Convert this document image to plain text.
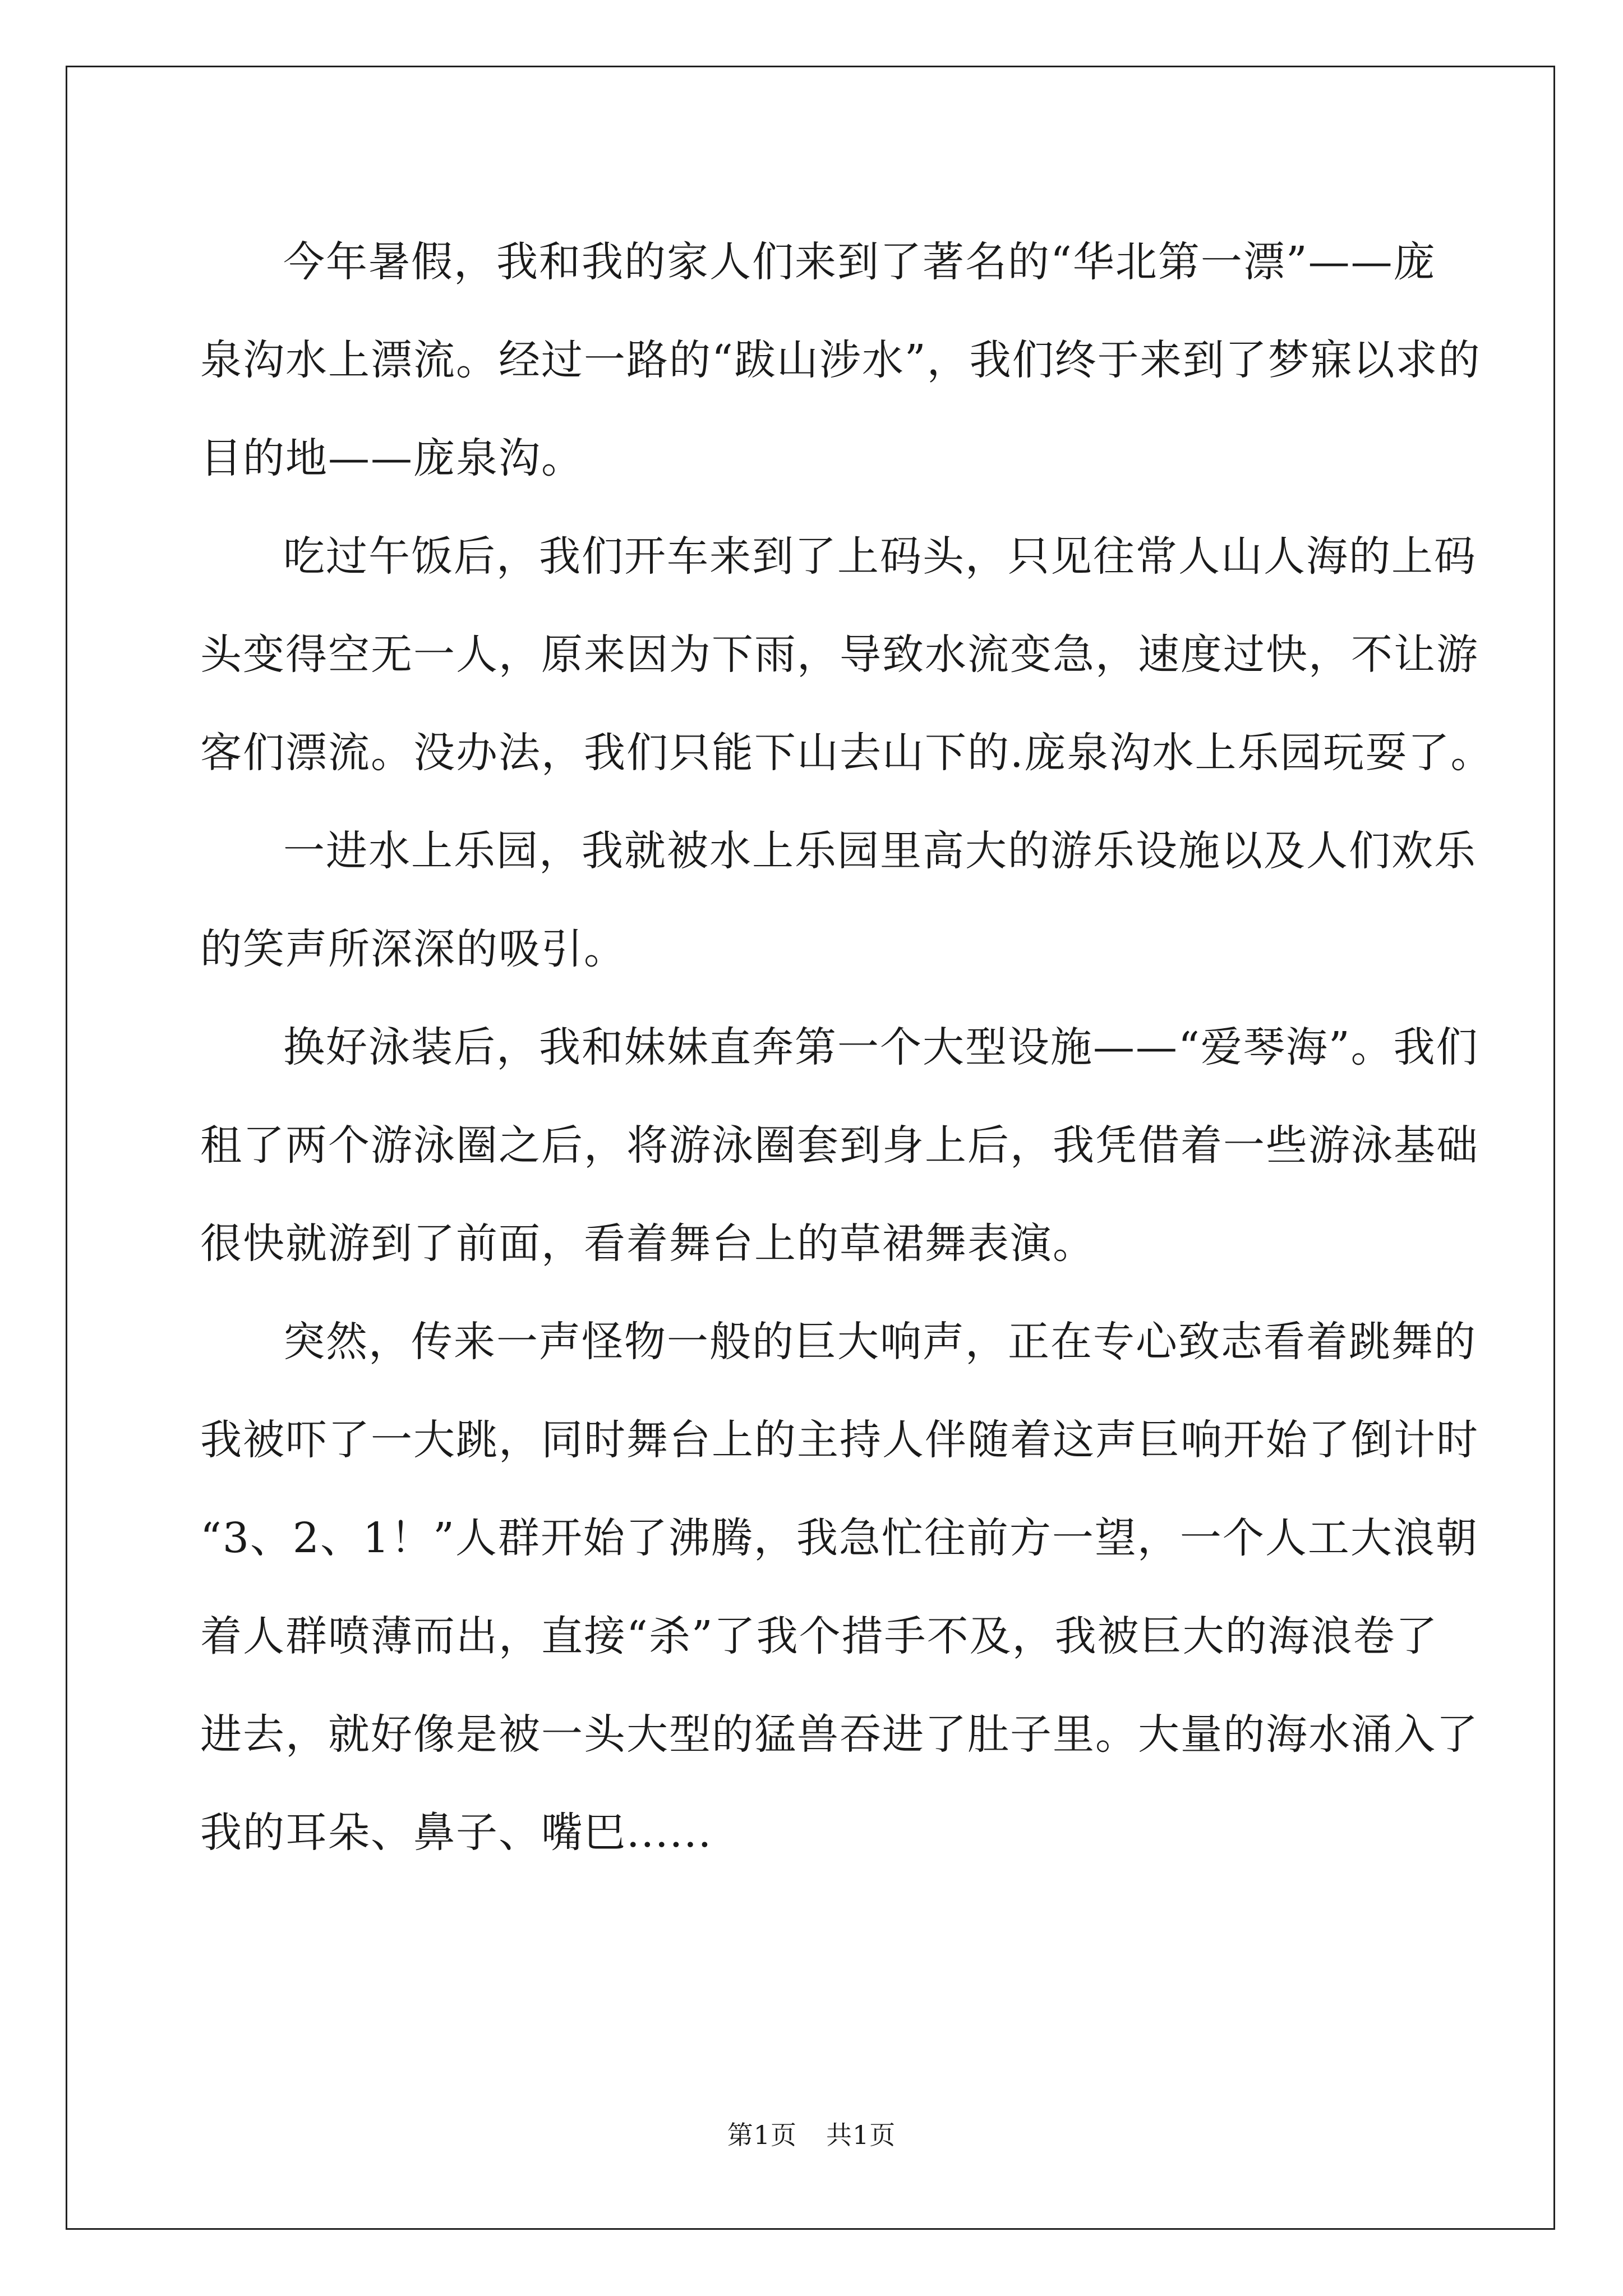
今年暑假，我和我的家人们来到了著名的“华北第一漂”——庞
泉沟水上漂流。经过一路的“跋山涉水”，我们终于来到了梦寐以求的
目的地——庞泉沟。
吃过午饭后，我们开车来到了上码头，只见往常人山人海的上码
头变得空无一人，原来因为下雨，导致水流变急，速度过快，不让游
客们漂流。没办法，我们只能下山去山下的.庞泉沟水上乐园玩耍了。
一进水上乐园，我就被水上乐园里高大的游乐设施以及人们欢乐
的笑声所深深的吸引。
换好泳装后，我和妹妹直奔第一个大型设施——“爱琴海”。我们
租了两个游泳圈之后，将游泳圈套到身上后，我凭借着一些游泳基础
很快就游到了前面，看着舞台上的草裙舞表演。
突然，传来一声怪物一般的巨大响声，正在专心致志看着跳舞的
我被吓了一大跳，同时舞台上的主持人伴随着这声巨响开始了倒计时
“3、2、1！”人群开始了沸腾，我急忙往前方一望，一个人工大浪朝
着人群喷薄而出，直接“杀”了我个措手不及，我被巨大的海浪卷了
进去，就好像是被一头大型的猛兽吞进了肚子里。大量的海水涌入了
我的耳朵、鼻子、嘴巴......
第1页 共1页
